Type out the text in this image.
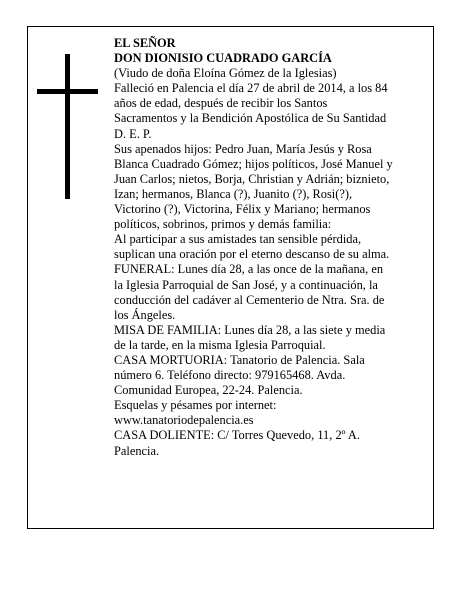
EL SEÑOR
DON DIONISIO CUADRADO GARCÍA
(Viudo de doña Eloína Gómez de la Iglesias)
Falleció en Palencia el día 27 de abril de 2014, a los 84
años de edad, después de recibir los Santos
Sacramentos y la Bendición Apostólica de Su Santidad
D. E. P.
Sus apenados hijos: Pedro Juan, María Jesús y Rosa
Blanca Cuadrado Gómez; hijos políticos, José Manuel y
Juan Carlos; nietos, Borja, Christian y Adrián; biznieto,
Izan; hermanos, Blanca (?), Juanito (?), Rosi(?),
Victorino (?), Victorina, Félix y Mariano; hermanos
políticos, sobrinos, primos y demás familia:
Al participar a sus amistades tan sensible pérdida,
suplican una oración por el eterno descanso de su alma.
FUNERAL: Lunes día 28, a las once de la mañana, en
la Iglesia Parroquial de San José, y a continuación, la
conducción del cadáver al Cementerio de Ntra. Sra. de
los Ángeles.
MISA DE FAMILIA: Lunes día 28, a las siete y media
de la tarde, en la misma Iglesia Parroquial.
CASA MORTUORIA: Tanatorio de Palencia. Sala
número 6. Teléfono directo: 979165468. Avda.
Comunidad Europea, 22-24. Palencia.
Esquelas y pésames por internet:
www.tanatoriodepalencia.es
CASA DOLIENTE: C/ Torres Quevedo, 11, 2º A.
Palencia.
